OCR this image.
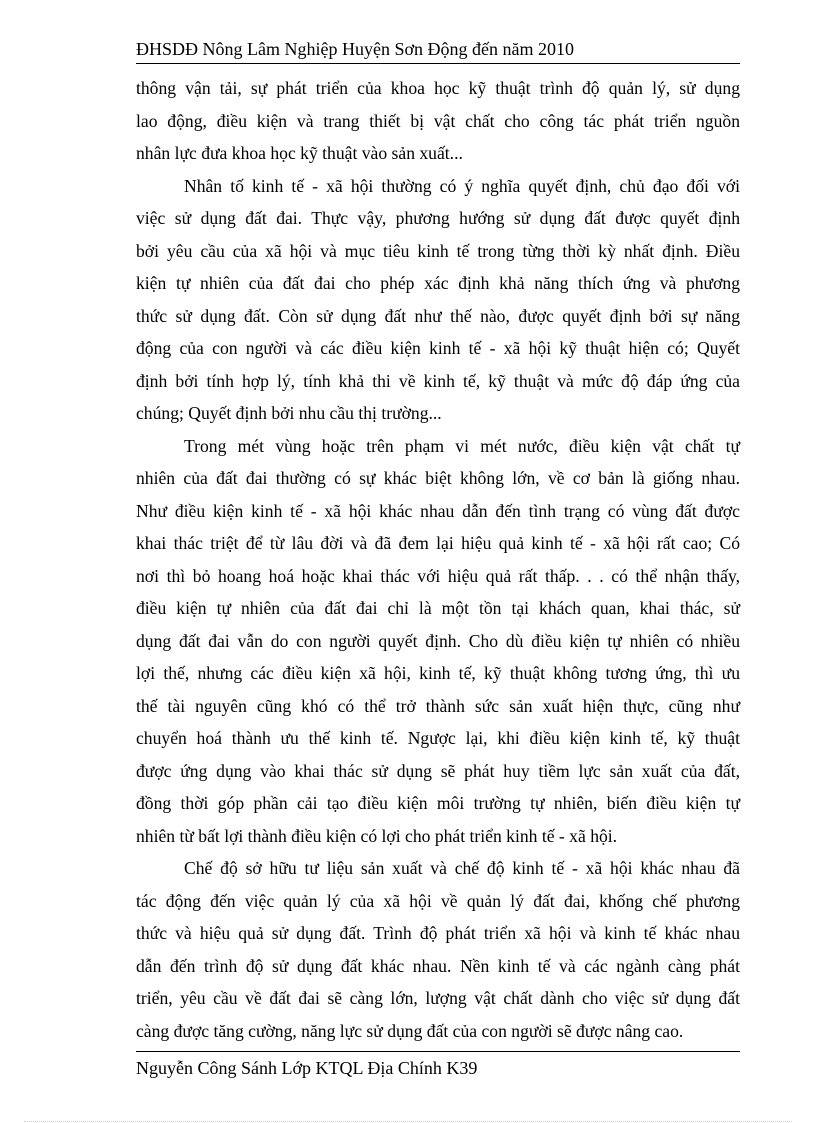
ĐHSDĐ Nông Lâm Nghiệp Huyện Sơn Động đến năm 2010
thông vận tải, sự phát triển của khoa học kỹ thuật trình độ quản lý, sử dụng
lao động, điều kiện và trang thiết bị vật chất cho công tác phát triển nguồn
nhân lực đưa khoa học kỹ thuật vào sản xuất...
Nhân tố kinh tế - xã hội thường có ý nghĩa quyết định, chủ đạo đối với
việc sử dụng đất đai. Thực vậy, phương hướng sử dụng đất được quyết định
bởi yêu cầu của xã hội và mục tiêu kinh tế trong từng thời kỳ nhất định. Điều
kiện tự nhiên của đất đai cho phép xác định khả năng thích ứng và phương
thức sử dụng đất. Còn sử dụng đất như thế nào, được quyết định bởi sự năng
động của con người và các điều kiện kinh tế - xã hội kỹ thuật hiện có; Quyết
định bởi tính hợp lý, tính khả thi về kinh tế, kỹ thuật và mức độ đáp ứng của
chúng; Quyết định bởi nhu cầu thị trường...
Trong mét vùng hoặc trên phạm vi mét nước, điều kiện vật chất tự
nhiên của đất đai thường có sự khác biệt không lớn, về cơ bản là giống nhau.
Như điều kiện kinh tế - xã hội khác nhau dẫn đến tình trạng có vùng đất được
khai thác triệt để từ lâu đời và đã đem lại hiệu quả kinh tế - xã hội rất cao; Có
nơi thì bỏ hoang hoá hoặc khai thác với hiệu quả rất thấp. . . có thể nhận thấy,
điều kiện tự nhiên của đất đai chỉ là một tồn tại khách quan, khai thác, sử
dụng đất đai vẫn do con người quyết định. Cho dù điều kiện tự nhiên có nhiều
lợi thế, nhưng các điều kiện xã hội, kinh tế, kỹ thuật không tương ứng, thì ưu
thế tài nguyên cũng khó có thể trở thành sức sản xuất hiện thực, cũng như
chuyển hoá thành ưu thế kinh tế. Ngược lại, khi điều kiện kinh tế, kỹ thuật
được ứng dụng vào khai thác sử dụng sẽ phát huy tiềm lực sản xuất của đất,
đồng thời góp phần cải tạo điều kiện môi trường tự nhiên, biến điều kiện tự
nhiên từ bất lợi thành điều kiện có lợi cho phát triển kinh tế - xã hội.
Chế độ sở hữu tư liệu sản xuất và chế độ kinh tế - xã hội khác nhau đã
tác động đến việc quản lý của xã hội về quản lý đất đai, khống chế phương
thức và hiệu quả sử dụng đất. Trình độ phát triển xã hội và kinh tế khác nhau
dẫn đến trình độ sử dụng đất khác nhau. Nền kinh tế và các ngành càng phát
triển, yêu cầu về đất đai sẽ càng lớn, lượng vật chất dành cho việc sử dụng đất
càng được tăng cường, năng lực sử dụng đất của con người sẽ được nâng cao.
Nguyễn Công Sánh Lớp KTQL Địa Chính K39
